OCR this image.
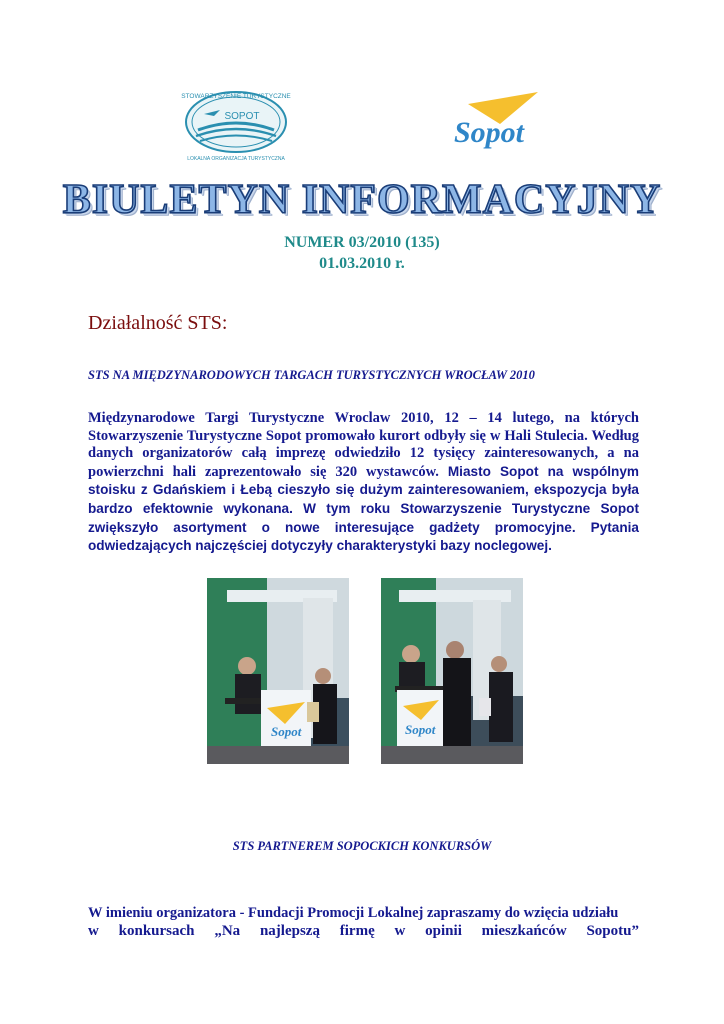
STOWARZYSZENIE TURYSTYCZNE
SOPOT
LOKALNA ORGANIZACJA TURYSTYCZNA
Sopot
BIULETYN INFORMACYJNY
NUMER 03/2010 (135)
01.03.2010 r.
Działalność STS:
STS NA MIĘDZYNARODOWYCH TARGACH TURYSTYCZNYCH WROCŁAW 2010
Międzynarodowe Targi Turystyczne Wroclaw 2010, 12 – 14 lutego, na których Stowarzyszenie Turystyczne Sopot promowało kurort odbyły się w Hali Stulecia. Według danych organizatorów całą imprezę odwiedziło 12 tysięcy zainteresowanych, a na powierzchni hali zaprezentowało się 320 wystawców. Miasto Sopot na wspólnym stoisku z Gdańskiem i Łebą cieszyło się dużym zainteresowaniem, ekspozycja była bardzo efektownie wykonana. W tym roku Stowarzyszenie Turystyczne Sopot zwiększyło asortyment o nowe interesujące gadżety promocyjne. Pytania odwiedzających najczęściej dotyczyły charakterystyki bazy noclegowej.
Sopot	Sopot
STS PARTNEREM SOPOCKICH KONKURSÓW
W imieniu organizatora - Fundacji Promocji Lokalnej zapraszamy do wzięcia udziału
w konkursach „Na najlepszą firmę w opinii mieszkańców Sopotu”
